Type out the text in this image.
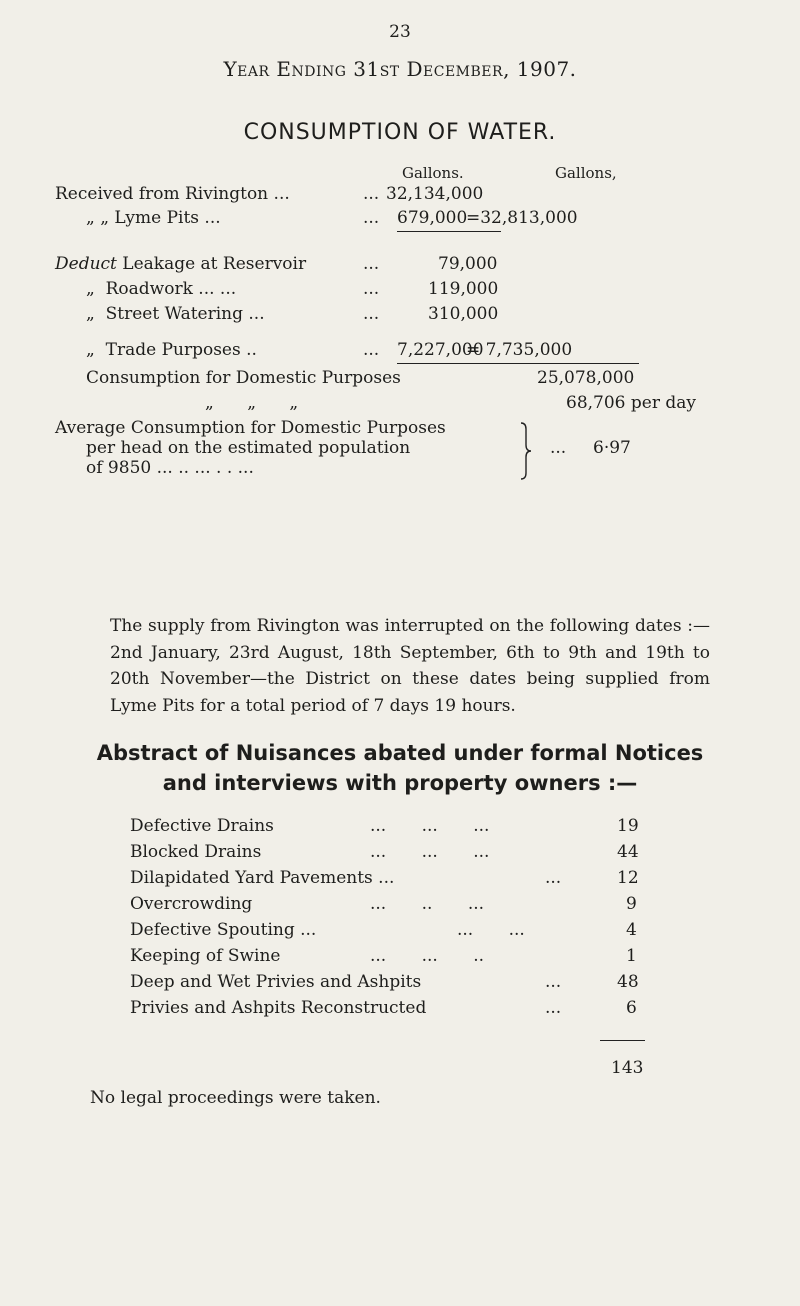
23
Year Ending 31st December, 1907.
CONSUMPTION OF WATER.
Gallons.	Gallons,
Received from Rivington ...	... 32,134,000
„ „ Lyme Pits ...	... 679,000
=32,813,000
Deduct Leakage at Reservoir	...	79,000
„ Roadwork ... ...	...	119,000
„ Street Watering ...	...	310,000
„ Trade Purposes ..	... 7,227,000
= 7,735,000
Consumption for Domestic Purposes	25,078,000
„ „ „	68,706 per day
Average Consumption for Domestic Purposes
per head on the estimated population
of 9850 ... .. ... . . ...
... 6·97
The supply from Rivington was interrupted on the following dates :—2nd January, 23rd August, 18th September, 6th to 9th and 19th to 20th November—the District on these dates being supplied from Lyme Pits for a total period of 7 days 19 hours.
Abstract of Nuisances abated under formal Notices and interviews with property owners :—
Defective Drains	... ... ...	19
Blocked Drains	... ... ...	44
Dilapidated Yard Pavements ...	...	12
Overcrowding	... .. ...	9
Defective Spouting ...	... ...	4
Keeping of Swine	... ... ..	1
Deep and Wet Privies and Ashpits	...	48
Privies and Ashpits Reconstructed	...	6
143
No legal proceedings were taken.
